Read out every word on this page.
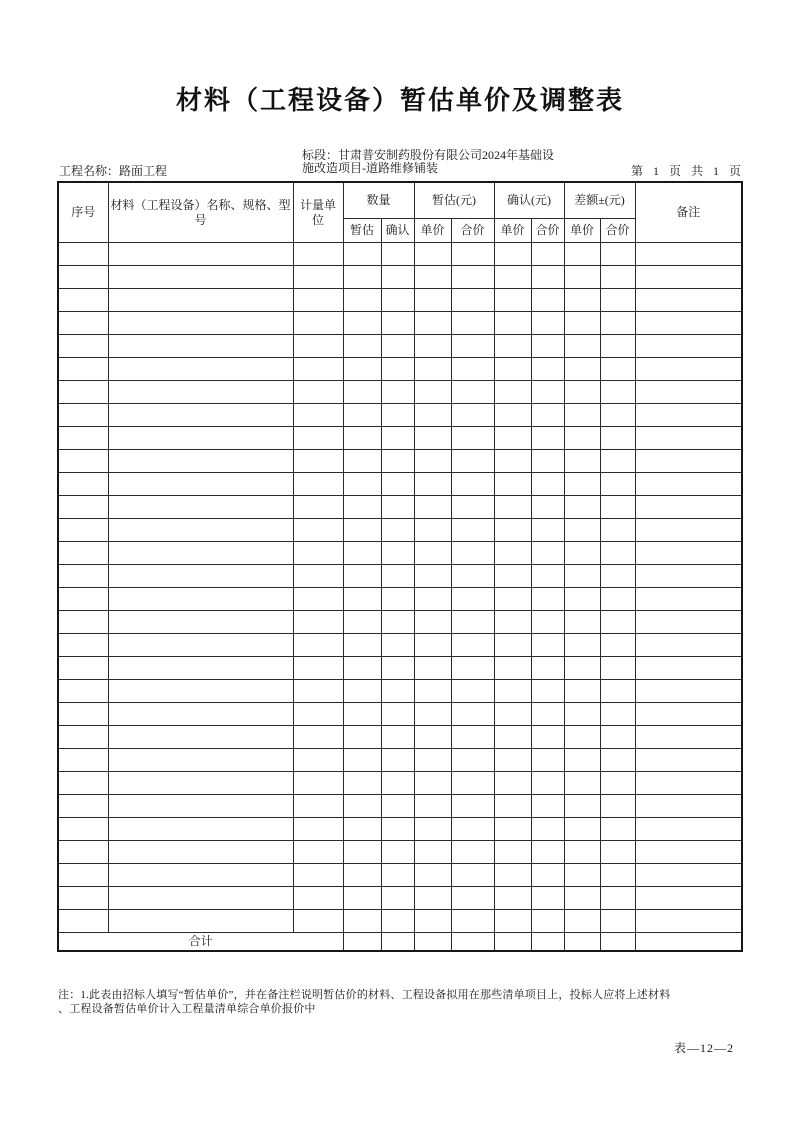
材料（工程设备）暂估单价及调整表
工程名称：路面工程
标段：甘肃普安制药股份有限公司2024年基础设
施改造项目-道路维修铺装	第 1 页 共 1 页
序号	材料（工程设备）名称、规格、型号	计量单位	数量		暂估(元)		确认(元)		差额±(元)		备注
			暂估	确认	单价	合价	单价	合价	单价	合价	

合计											
注：1.此表由招标人填写“暂估单价”，并在备注栏说明暂估价的材料、工程设备拟用在那些清单项目上，投标人应将上述材料
、工程设备暂估单价计入工程量清单综合单价报价中
表—12—2
